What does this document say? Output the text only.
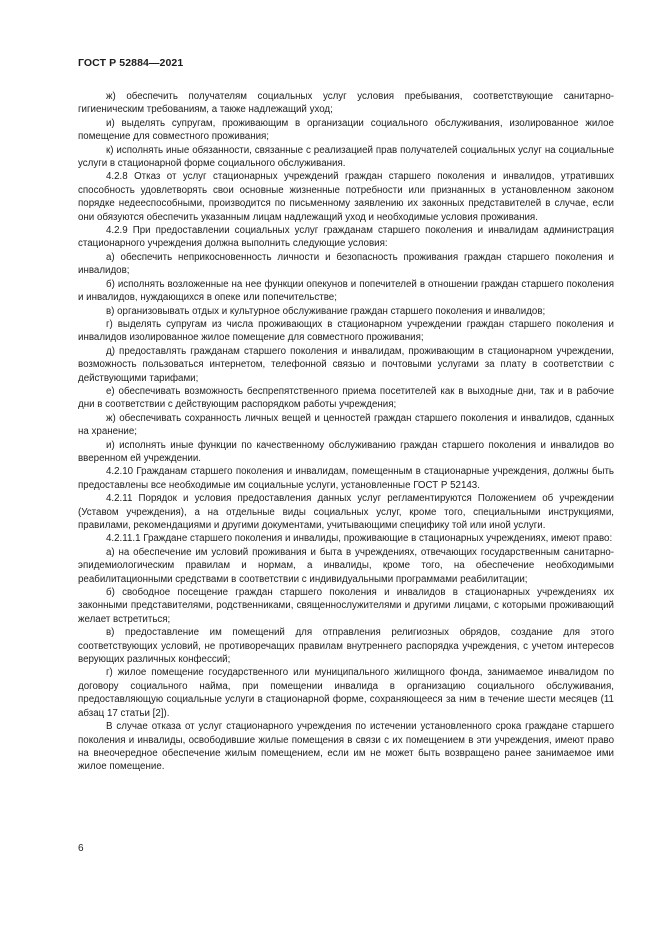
ГОСТ Р 52884—2021

ж) обеспечить получателям социальных услуг условия пребывания, соответствующие санитарно-гигиеническим требованиям, а также надлежащий уход;

и) выделять супругам, проживающим в организации социального обслуживания, изолированное жилое помещение для совместного проживания;

к) исполнять иные обязанности, связанные с реализацией прав получателей социальных услуг на социальные услуги в стационарной форме социального обслуживания.

4.2.8 Отказ от услуг стационарных учреждений граждан старшего поколения и инвалидов, утративших способность удовлетворять свои основные жизненные потребности или признанных в установленном законом порядке недееспособными, производится по письменному заявлению их законных представителей в случае, если они обязуются обеспечить указанным лицам надлежащий уход и необходимые условия проживания.

4.2.9 При предоставлении социальных услуг гражданам старшего поколения и инвалидам администрация стационарного учреждения должна выполнить следующие условия:

а) обеспечить неприкосновенность личности и безопасность проживания граждан старшего поколения и инвалидов;

б) исполнять возложенные на нее функции опекунов и попечителей в отношении граждан старшего поколения и инвалидов, нуждающихся в опеке или попечительстве;

в) организовывать отдых и культурное обслуживание граждан старшего поколения и инвалидов;

г) выделять супругам из числа проживающих в стационарном учреждении граждан старшего поколения и инвалидов изолированное жилое помещение для совместного проживания;

д) предоставлять гражданам старшего поколения и инвалидам, проживающим в стационарном учреждении, возможность пользоваться интернетом, телефонной связью и почтовыми услугами за плату в соответствии с действующими тарифами;

е) обеспечивать возможность беспрепятственного приема посетителей как в выходные дни, так и в рабочие дни в соответствии с действующим распорядком работы учреждения;

ж) обеспечивать сохранность личных вещей и ценностей граждан старшего поколения и инвалидов, сданных на хранение;

и) исполнять иные функции по качественному обслуживанию граждан старшего поколения и инвалидов во вверенном ей учреждении.

4.2.10 Гражданам старшего поколения и инвалидам, помещенным в стационарные учреждения, должны быть предоставлены все необходимые им социальные услуги, установленные ГОСТ Р 52143.

4.2.11 Порядок и условия предоставления данных услуг регламентируются Положением об учреждении (Уставом учреждения), а на отдельные виды социальных услуг, кроме того, специальными инструкциями, правилами, рекомендациями и другими документами, учитывающими специфику той или иной услуги.

4.2.11.1 Граждане старшего поколения и инвалиды, проживающие в стационарных учреждениях, имеют право:

а) на обеспечение им условий проживания и быта в учреждениях, отвечающих государственным санитарно-эпидемиологическим правилам и нормам, а инвалиды, кроме того, на обеспечение необходимыми реабилитационными средствами в соответствии с индивидуальными программами реабилитации;

б) свободное посещение граждан старшего поколения и инвалидов в стационарных учреждениях их законными представителями, родственниками, священнослужителями и другими лицами, с которыми проживающий желает встретиться;

в) предоставление им помещений для отправления религиозных обрядов, создание для этого соответствующих условий, не противоречащих правилам внутреннего распорядка учреждения, с учетом интересов верующих различных конфессий;

г) жилое помещение государственного или муниципального жилищного фонда, занимаемое инвалидом по договору социального найма, при помещении инвалида в организацию социального обслуживания, предоставляющую социальные услуги в стационарной форме, сохраняющееся за ним в течение шести месяцев (11 абзац 17 статьи [2]).

В случае отказа от услуг стационарного учреждения по истечении установленного срока граждане старшего поколения и инвалиды, освободившие жилые помещения в связи с их помещением в эти учреждения, имеют право на внеочередное обеспечение жилым помещением, если им не может быть возвращено ранее занимаемое ими жилое помещение.

6
